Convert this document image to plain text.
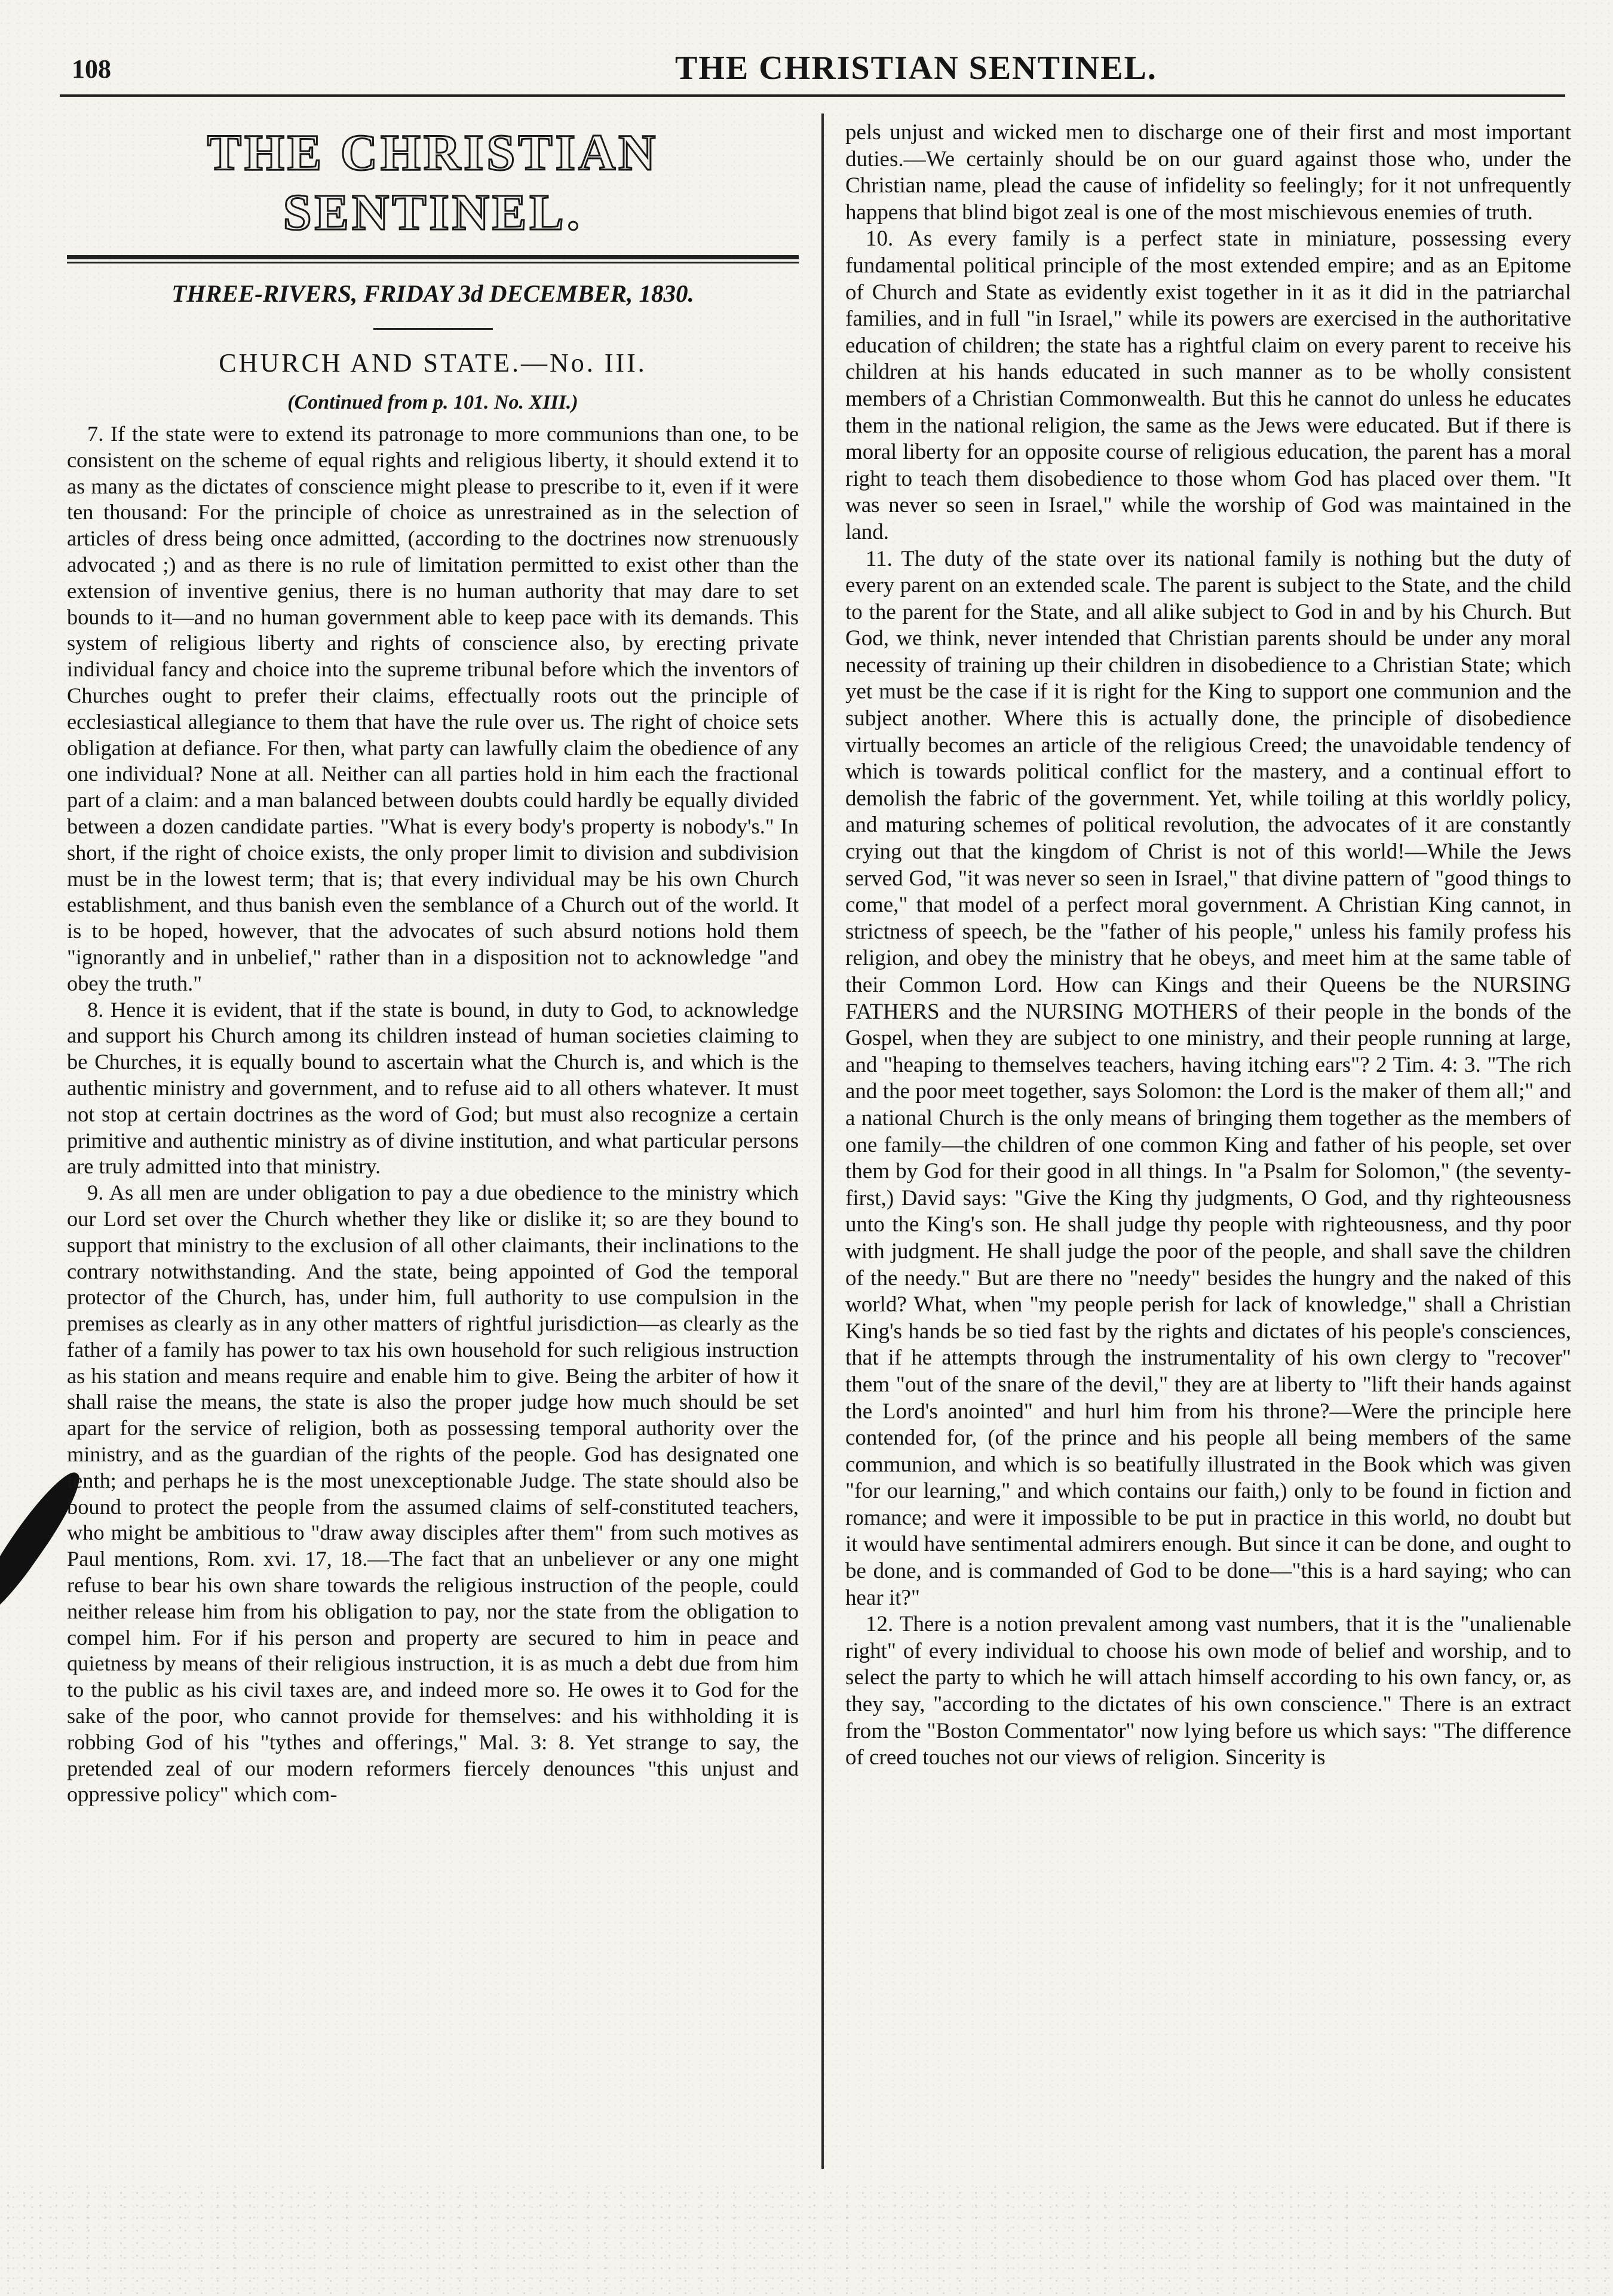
108	THE CHRISTIAN SENTINEL.
THE CHRISTIAN SENTINEL.
THREE-RIVERS, FRIDAY 3d DECEMBER, 1830.
CHURCH AND STATE.—No. III.
(Continued from p. 101. No. XIII.)

7. If the state were to extend its patronage to more communions than one, to be consistent on the scheme of equal rights and religious liberty, it should extend it to as many as the dictates of conscience might please to prescribe to it, even if it were ten thousand: For the principle of choice as unrestrained as in the selection of articles of dress being once admitted, (according to the doctrines now strenuously advocated ;) and as there is no rule of limitation permitted to exist other than the extension of inventive genius, there is no human authority that may dare to set bounds to it—and no human government able to keep pace with its demands. This system of religious liberty and rights of conscience also, by erecting private individual fancy and choice into the supreme tribunal before which the inventors of Churches ought to prefer their claims, effectually roots out the principle of ecclesiastical allegiance to them that have the rule over us. The right of choice sets obligation at defiance. For then, what party can lawfully claim the obedience of any one individual? None at all. Neither can all parties hold in him each the fractional part of a claim: and a man balanced between doubts could hardly be equally divided between a dozen candidate parties. "What is every body's property is nobody's." In short, if the right of choice exists, the only proper limit to division and subdivision must be in the lowest term; that is; that every individual may be his own Church establishment, and thus banish even the semblance of a Church out of the world. It is to be hoped, however, that the advocates of such absurd notions hold them "ignorantly and in unbelief," rather than in a disposition not to acknowledge "and obey the truth."

8. Hence it is evident, that if the state is bound, in duty to God, to acknowledge and support his Church among its children instead of human societies claiming to be Churches, it is equally bound to ascertain what the Church is, and which is the authentic ministry and government, and to refuse aid to all others whatever. It must not stop at certain doctrines as the word of God; but must also recognize a certain primitive and authentic ministry as of divine institution, and what particular persons are truly admitted into that ministry.

9. As all men are under obligation to pay a due obedience to the ministry which our Lord set over the Church whether they like or dislike it; so are they bound to support that ministry to the exclusion of all other claimants, their inclinations to the contrary notwithstanding. And the state, being appointed of God the temporal protector of the Church, has, under him, full authority to use compulsion in the premises as clearly as in any other matters of rightful jurisdiction—as clearly as the father of a family has power to tax his own household for such religious instruction as his station and means require and enable him to give. Being the arbiter of how it shall raise the means, the state is also the proper judge how much should be set apart for the service of religion, both as possessing temporal authority over the ministry, and as the guardian of the rights of the people. God has designated one tenth; and perhaps he is the most unexceptionable Judge. The state should also be bound to protect the people from the assumed claims of self-constituted teachers, who might be ambitious to "draw away disciples after them" from such motives as Paul mentions, Rom. xvi. 17, 18.—The fact that an unbeliever or any one might refuse to bear his own share towards the religious instruction of the people, could neither release him from his obligation to pay, nor the state from the obligation to compel him. For if his person and property are secured to him in peace and quietness by means of their religious instruction, it is as much a debt due from him to the public as his civil taxes are, and indeed more so. He owes it to God for the sake of the poor, who cannot provide for themselves: and his withholding it is robbing God of his "tythes and offerings," Mal. 3: 8. Yet strange to say, the pretended zeal of our modern reformers fiercely denounces "this unjust and oppressive policy" which com-

pels unjust and wicked men to discharge one of their first and most important duties.—We certainly should be on our guard against those who, under the Christian name, plead the cause of infidelity so feelingly; for it not unfrequently happens that blind bigot zeal is one of the most mischievous enemies of truth.

10. As every family is a perfect state in miniature, possessing every fundamental political principle of the most extended empire; and as an Epitome of Church and State as evidently exist together in it as it did in the patriarchal families, and in full "in Israel," while its powers are exercised in the authoritative education of children; the state has a rightful claim on every parent to receive his children at his hands educated in such manner as to be wholly consistent members of a Christian Commonwealth. But this he cannot do unless he educates them in the national religion, the same as the Jews were educated. But if there is moral liberty for an opposite course of religious education, the parent has a moral right to teach them disobedience to those whom God has placed over them. "It was never so seen in Israel," while the worship of God was maintained in the land.

11. The duty of the state over its national family is nothing but the duty of every parent on an extended scale. The parent is subject to the State, and the child to the parent for the State, and all alike subject to God in and by his Church. But God, we think, never intended that Christian parents should be under any moral necessity of training up their children in disobedience to a Christian State; which yet must be the case if it is right for the King to support one communion and the subject another. Where this is actually done, the principle of disobedience virtually becomes an article of the religious Creed; the unavoidable tendency of which is towards political conflict for the mastery, and a continual effort to demolish the fabric of the government. Yet, while toiling at this worldly policy, and maturing schemes of political revolution, the advocates of it are constantly crying out that the kingdom of Christ is not of this world!—While the Jews served God, "it was never so seen in Israel," that divine pattern of "good things to come," that model of a perfect moral government. A Christian King cannot, in strictness of speech, be the "father of his people," unless his family profess his religion, and obey the ministry that he obeys, and meet him at the same table of their Common Lord. How can Kings and their Queens be the NURSING FATHERS and the NURSING MOTHERS of their people in the bonds of the Gospel, when they are subject to one ministry, and their people running at large, and "heaping to themselves teachers, having itching ears"? 2 Tim. 4: 3. "The rich and the poor meet together, says Solomon: the Lord is the maker of them all;" and a national Church is the only means of bringing them together as the members of one family—the children of one common King and father of his people, set over them by God for their good in all things. In "a Psalm for Solomon," (the seventy-first,) David says: "Give the King thy judgments, O God, and thy righteousness unto the King's son. He shall judge thy people with righteousness, and thy poor with judgment. He shall judge the poor of the people, and shall save the children of the needy." But are there no "needy" besides the hungry and the naked of this world? What, when "my people perish for lack of knowledge," shall a Christian King's hands be so tied fast by the rights and dictates of his people's consciences, that if he attempts through the instrumentality of his own clergy to "recover" them "out of the snare of the devil," they are at liberty to "lift their hands against the Lord's anointed" and hurl him from his throne?—Were the principle here contended for, (of the prince and his people all being members of the same communion, and which is so beatifully illustrated in the Book which was given "for our learning," and which contains our faith,) only to be found in fiction and romance; and were it impossible to be put in practice in this world, no doubt but it would have sentimental admirers enough. But since it can be done, and ought to be done, and is commanded of God to be done—"this is a hard saying; who can hear it?"

12. There is a notion prevalent among vast numbers, that it is the "unalienable right" of every individual to choose his own mode of belief and worship, and to select the party to which he will attach himself according to his own fancy, or, as they say, "according to the dictates of his own conscience." There is an extract from the "Boston Commentator" now lying before us which says: "The difference of creed touches not our views of religion. Sincerity is
